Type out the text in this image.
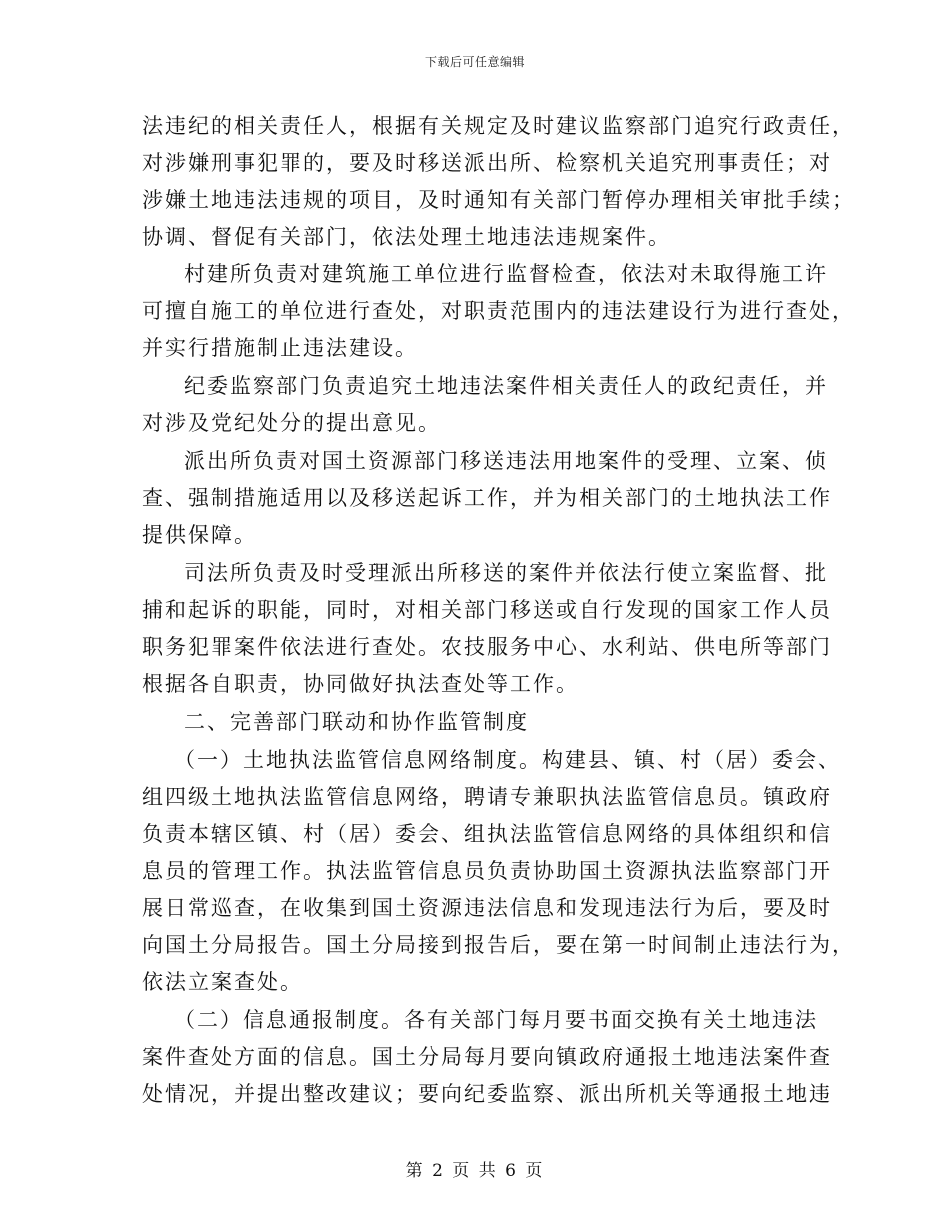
下载后可任意编辑
法违纪的相关责任人，根据有关规定及时建议监察部门追究行政责任，
对涉嫌刑事犯罪的，要及时移送派出所、检察机关追究刑事责任；对
涉嫌土地违法违规的项目，及时通知有关部门暂停办理相关审批手续；
协调、督促有关部门，依法处理土地违法违规案件。
村建所负责对建筑施工单位进行监督检查，依法对未取得施工许
可擅自施工的单位进行查处，对职责范围内的违法建设行为进行查处，
并实行措施制止违法建设。
纪委监察部门负责追究土地违法案件相关责任人的政纪责任，并
对涉及党纪处分的提出意见。
派出所负责对国土资源部门移送违法用地案件的受理、立案、侦
查、强制措施适用以及移送起诉工作，并为相关部门的土地执法工作
提供保障。
司法所负责及时受理派出所移送的案件并依法行使立案监督、批
捕和起诉的职能，同时，对相关部门移送或自行发现的国家工作人员
职务犯罪案件依法进行查处。农技服务中心、水利站、供电所等部门
根据各自职责，协同做好执法查处等工作。
二、完善部门联动和协作监管制度
（一）土地执法监管信息网络制度。构建县、镇、村（居）委会、
组四级土地执法监管信息网络，聘请专兼职执法监管信息员。镇政府
负责本辖区镇、村（居）委会、组执法监管信息网络的具体组织和信
息员的管理工作。执法监管信息员负责协助国土资源执法监察部门开
展日常巡查，在收集到国土资源违法信息和发现违法行为后，要及时
向国土分局报告。国土分局接到报告后，要在第一时间制止违法行为，
依法立案查处。
（二）信息通报制度。各有关部门每月要书面交换有关土地违法
案件查处方面的信息。国土分局每月要向镇政府通报土地违法案件查
处情况，并提出整改建议；要向纪委监察、派出所机关等通报土地违
第 2 页 共 6 页
